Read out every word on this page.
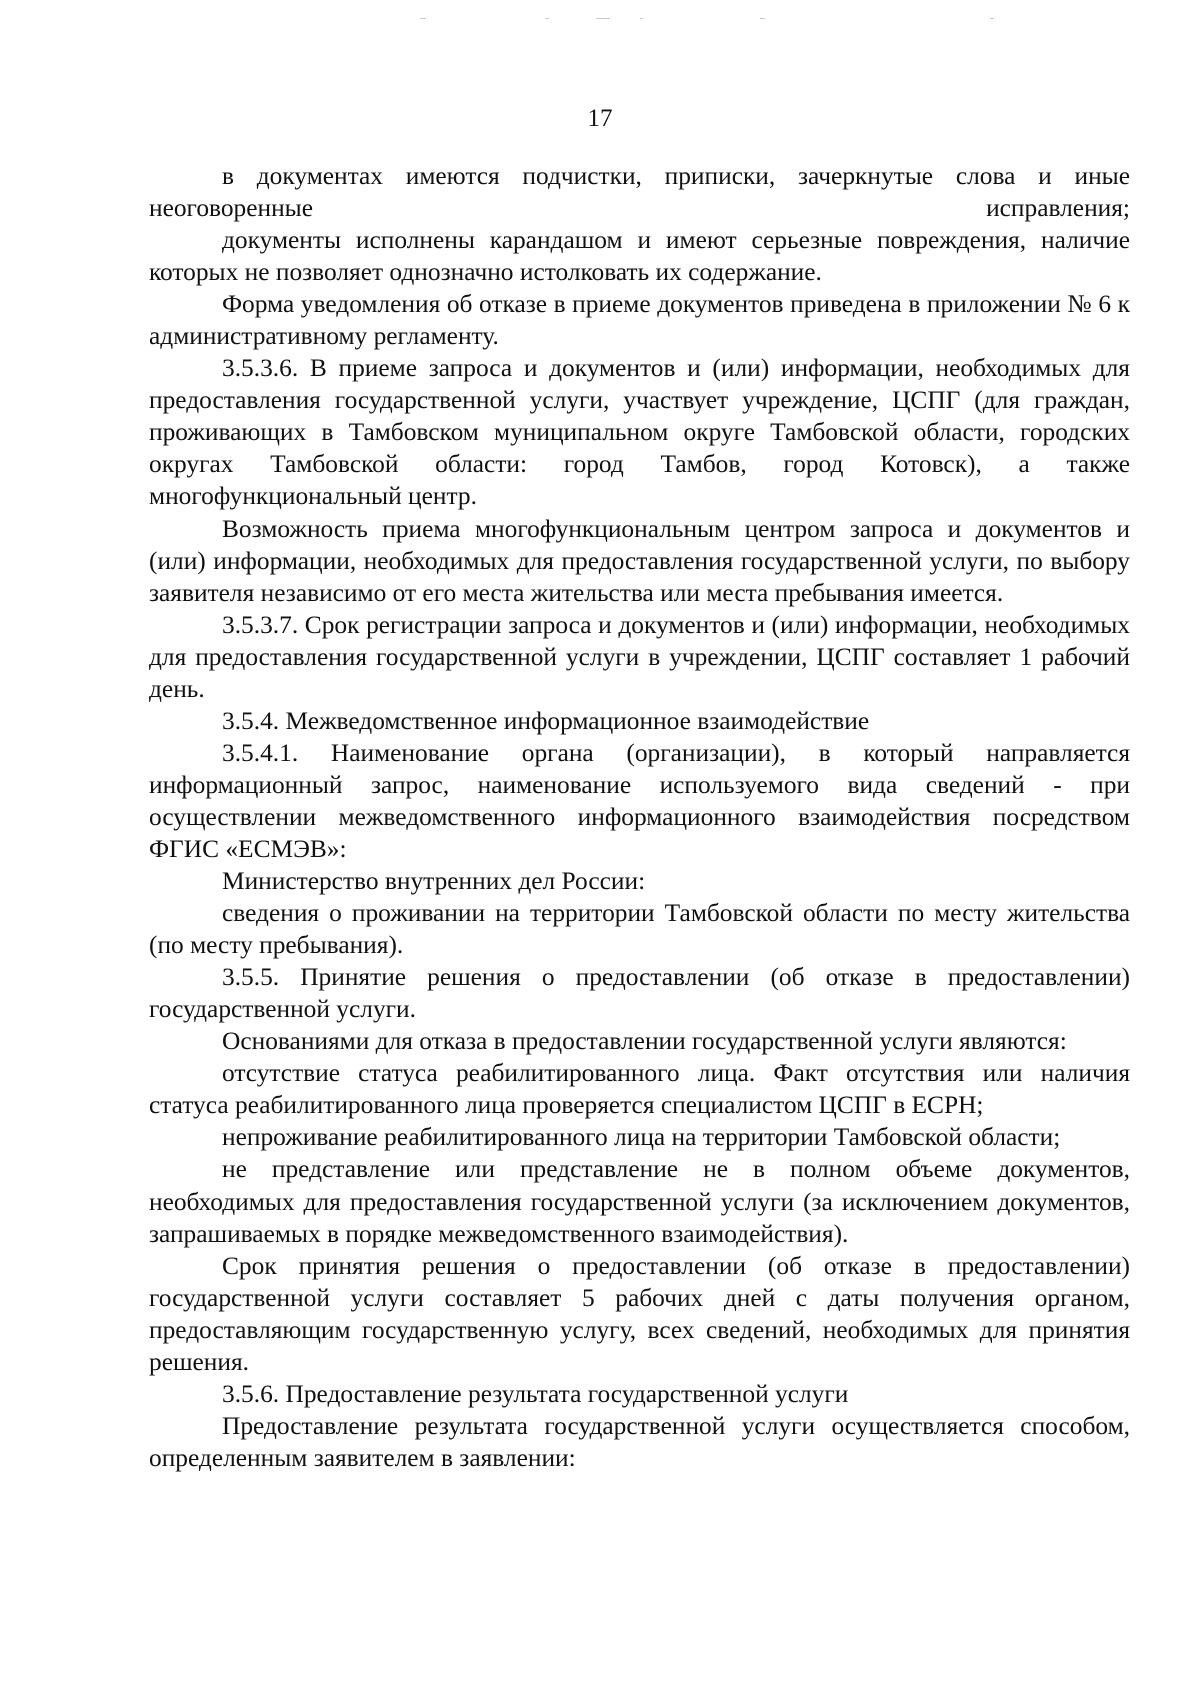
17

в документах имеются подчистки, приписки, зачеркнутые слова и иные неоговоренные исправления;

документы исполнены карандашом и имеют серьезные повреждения, наличие которых не позволяет однозначно истолковать их содержание.

Форма уведомления об отказе в приеме документов приведена в приложении № 6 к административному регламенту.

3.5.3.6. В приеме запроса и документов и (или) информации, необходимых для предоставления государственной услуги, участвует учреждение, ЦСПГ (для граждан, проживающих в Тамбовском муниципальном округе Тамбовской области, городских округах Тамбовской области: город Тамбов, город Котовск), а также многофункциональный центр.

Возможность приема многофункциональным центром запроса и документов и (или) информации, необходимых для предоставления государственной услуги, по выбору заявителя независимо от его места жительства или места пребывания имеется.

3.5.3.7. Срок регистрации запроса и документов и (или) информации, необходимых для предоставления государственной услуги в учреждении, ЦСПГ составляет 1 рабочий день.

3.5.4. Межведомственное информационное взаимодействие

3.5.4.1. Наименование органа (организации), в который направляется информационный запрос, наименование используемого вида сведений - при осуществлении межведомственного информационного взаимодействия посредством ФГИС «ЕСМЭВ»:

Министерство внутренних дел России:

сведения о проживании на территории Тамбовской области по месту жительства (по месту пребывания).

3.5.5. Принятие решения о предоставлении (об отказе в предоставлении) государственной услуги.

Основаниями для отказа в предоставлении государственной услуги являются:

отсутствие статуса реабилитированного лица. Факт отсутствия или наличия статуса реабилитированного лица проверяется специалистом ЦСПГ в ЕСРН;

непроживание реабилитированного лица на территории Тамбовской области;

не представление или представление не в полном объеме документов, необходимых для предоставления государственной услуги (за исключением документов, запрашиваемых в порядке межведомственного взаимодействия).

Срок принятия решения о предоставлении (об отказе в предоставлении) государственной услуги составляет 5 рабочих дней с даты получения органом, предоставляющим государственную услугу, всех сведений, необходимых для принятия решения.

3.5.6. Предоставление результата государственной услуги

Предоставление результата государственной услуги осуществляется способом, определенным заявителем в заявлении:
